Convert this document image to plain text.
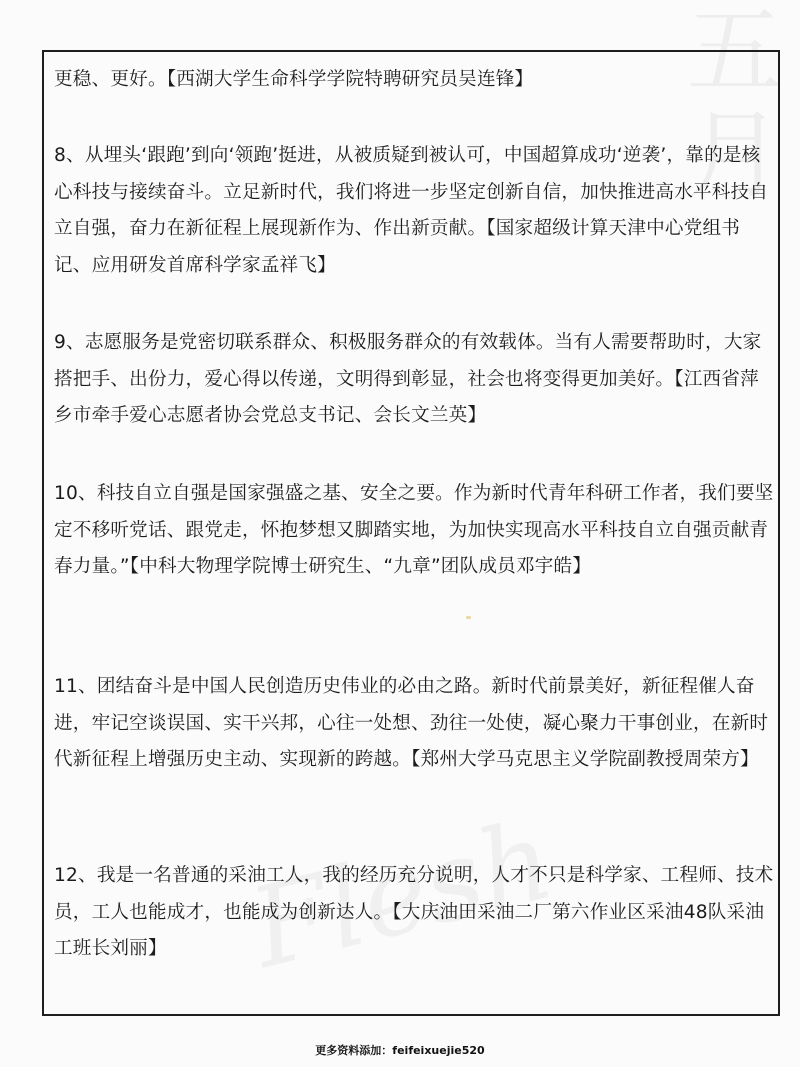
五月

更稳、更好。【西湖大学生命科学学院特聘研究员吴连锋】

8、从埋头‘跟跑’到向‘领跑’挺进，从被质疑到被认可，中国超算成功‘逆袭’，靠的是核心科技与接续奋斗。立足新时代，我们将进一步坚定创新自信，加快推进高水平科技自立自强，奋力在新征程上展现新作为、作出新贡献。【国家超级计算天津中心党组书记、应用研发首席科学家孟祥飞】

9、志愿服务是党密切联系群众、积极服务群众的有效载体。当有人需要帮助时，大家搭把手、出份力，爱心得以传递，文明得到彰显，社会也将变得更加美好。【江西省萍乡市牵手爱心志愿者协会党总支书记、会长文兰英】

10、科技自立自强是国家强盛之基、安全之要。作为新时代青年科研工作者，我们要坚定不移听党话、跟党走，怀抱梦想又脚踏实地，为加快实现高水平科技自立自强贡献青春力量。”【中科大物理学院博士研究生、“九章”团队成员邓宇皓】

11、团结奋斗是中国人民创造历史伟业的必由之路。新时代前景美好，新征程催人奋进，牢记空谈误国、实干兴邦，心往一处想、劲往一处使，凝心聚力干事创业，在新时代新征程上增强历史主动、实现新的跨越。【郑州大学马克思主义学院副教授周荣方】

12、我是一名普通的采油工人，我的经历充分说明，人才不只是科学家、工程师、技术员，工人也能成才，也能成为创新达人。【大庆油田采油二厂第六作业区采油48队采油工班长刘丽】

更多资料添加：feifeixuejie520
